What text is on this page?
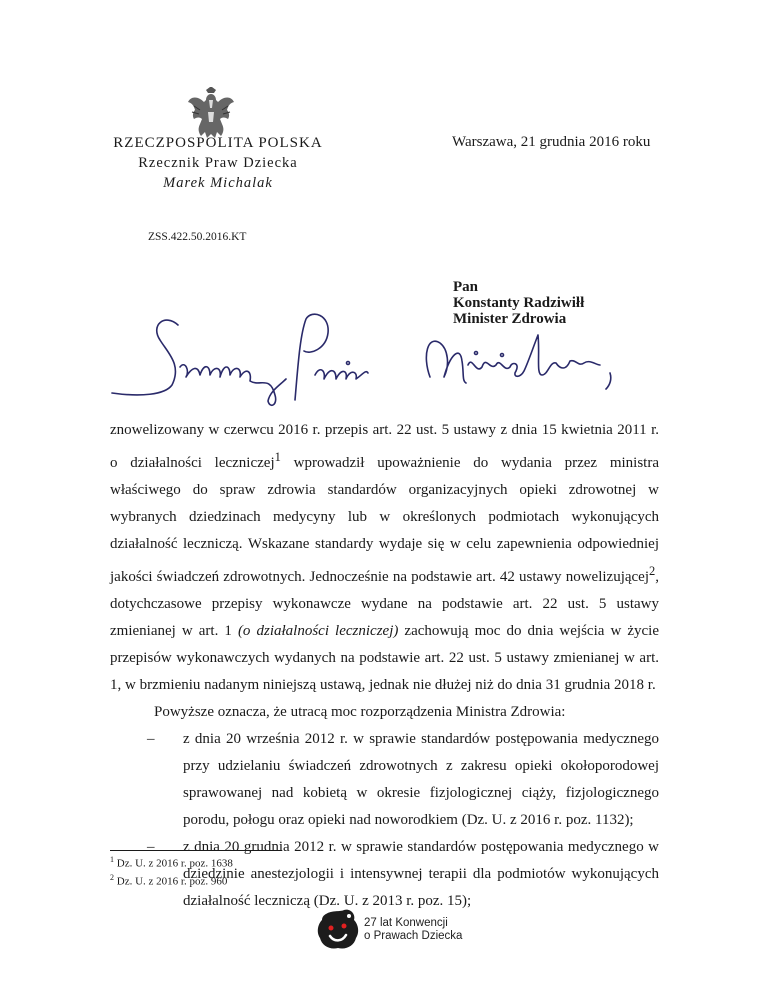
RZECZPOSPOLITA POLSKA
Rzecznik Praw Dziecka
Marek Michalak
Warszawa, 21 grudnia 2016 roku
ZSS.422.50.2016.KT
Pan
Konstanty Radziwiłł
Minister Zdrowia

znowelizowany w czerwcu 2016 r. przepis art. 22 ust. 5 ustawy z dnia 15 kwietnia 2011 r. o działalności leczniczej$^1$ wprowadził upoważnienie do wydania przez ministra właściwego do spraw zdrowia standardów organizacyjnych opieki zdrowotnej w wybranych dziedzinach medycyny lub w określonych podmiotach wykonujących działalność leczniczą. Wskazane standardy wydaje się w celu zapewnienia odpowiedniej jakości świadczeń zdrowotnych. Jednocześnie na podstawie art. 42 ustawy nowelizującej$^2$, dotychczasowe przepisy wykonawcze wydane na podstawie art. 22 ust. 5 ustawy zmienianej w art. 1 (o działalności leczniczej) zachowują moc do dnia wejścia w życie przepisów wykonawczych wydanych na podstawie art. 22 ust. 5 ustawy zmienianej w art. 1, w brzmieniu nadanym niniejszą ustawą, jednak nie dłużej niż do dnia 31 grudnia 2018 r.

Powyższe oznacza, że utracą moc rozporządzenia Ministra Zdrowia:

– z dnia 20 września 2012 r. w sprawie standardów postępowania medycznego przy udzielaniu świadczeń zdrowotnych z zakresu opieki okołoporodowej sprawowanej nad kobietą w okresie fizjologicznej ciąży, fizjologicznego porodu, połogu oraz opieki nad noworodkiem (Dz. U. z 2016 r. poz. 1132);
– z dnia 20 grudnia 2012 r. w sprawie standardów postępowania medycznego w dziedzinie anestezjologii i intensywnej terapii dla podmiotów wykonujących działalność leczniczą (Dz. U. z 2013 r. poz. 15);
$^1$ Dz. U. z 2016 r. poz. 1638
$^2$ Dz. U. z 2016 r. poz. 960
27 lat Konwencji
o Prawach Dziecka
